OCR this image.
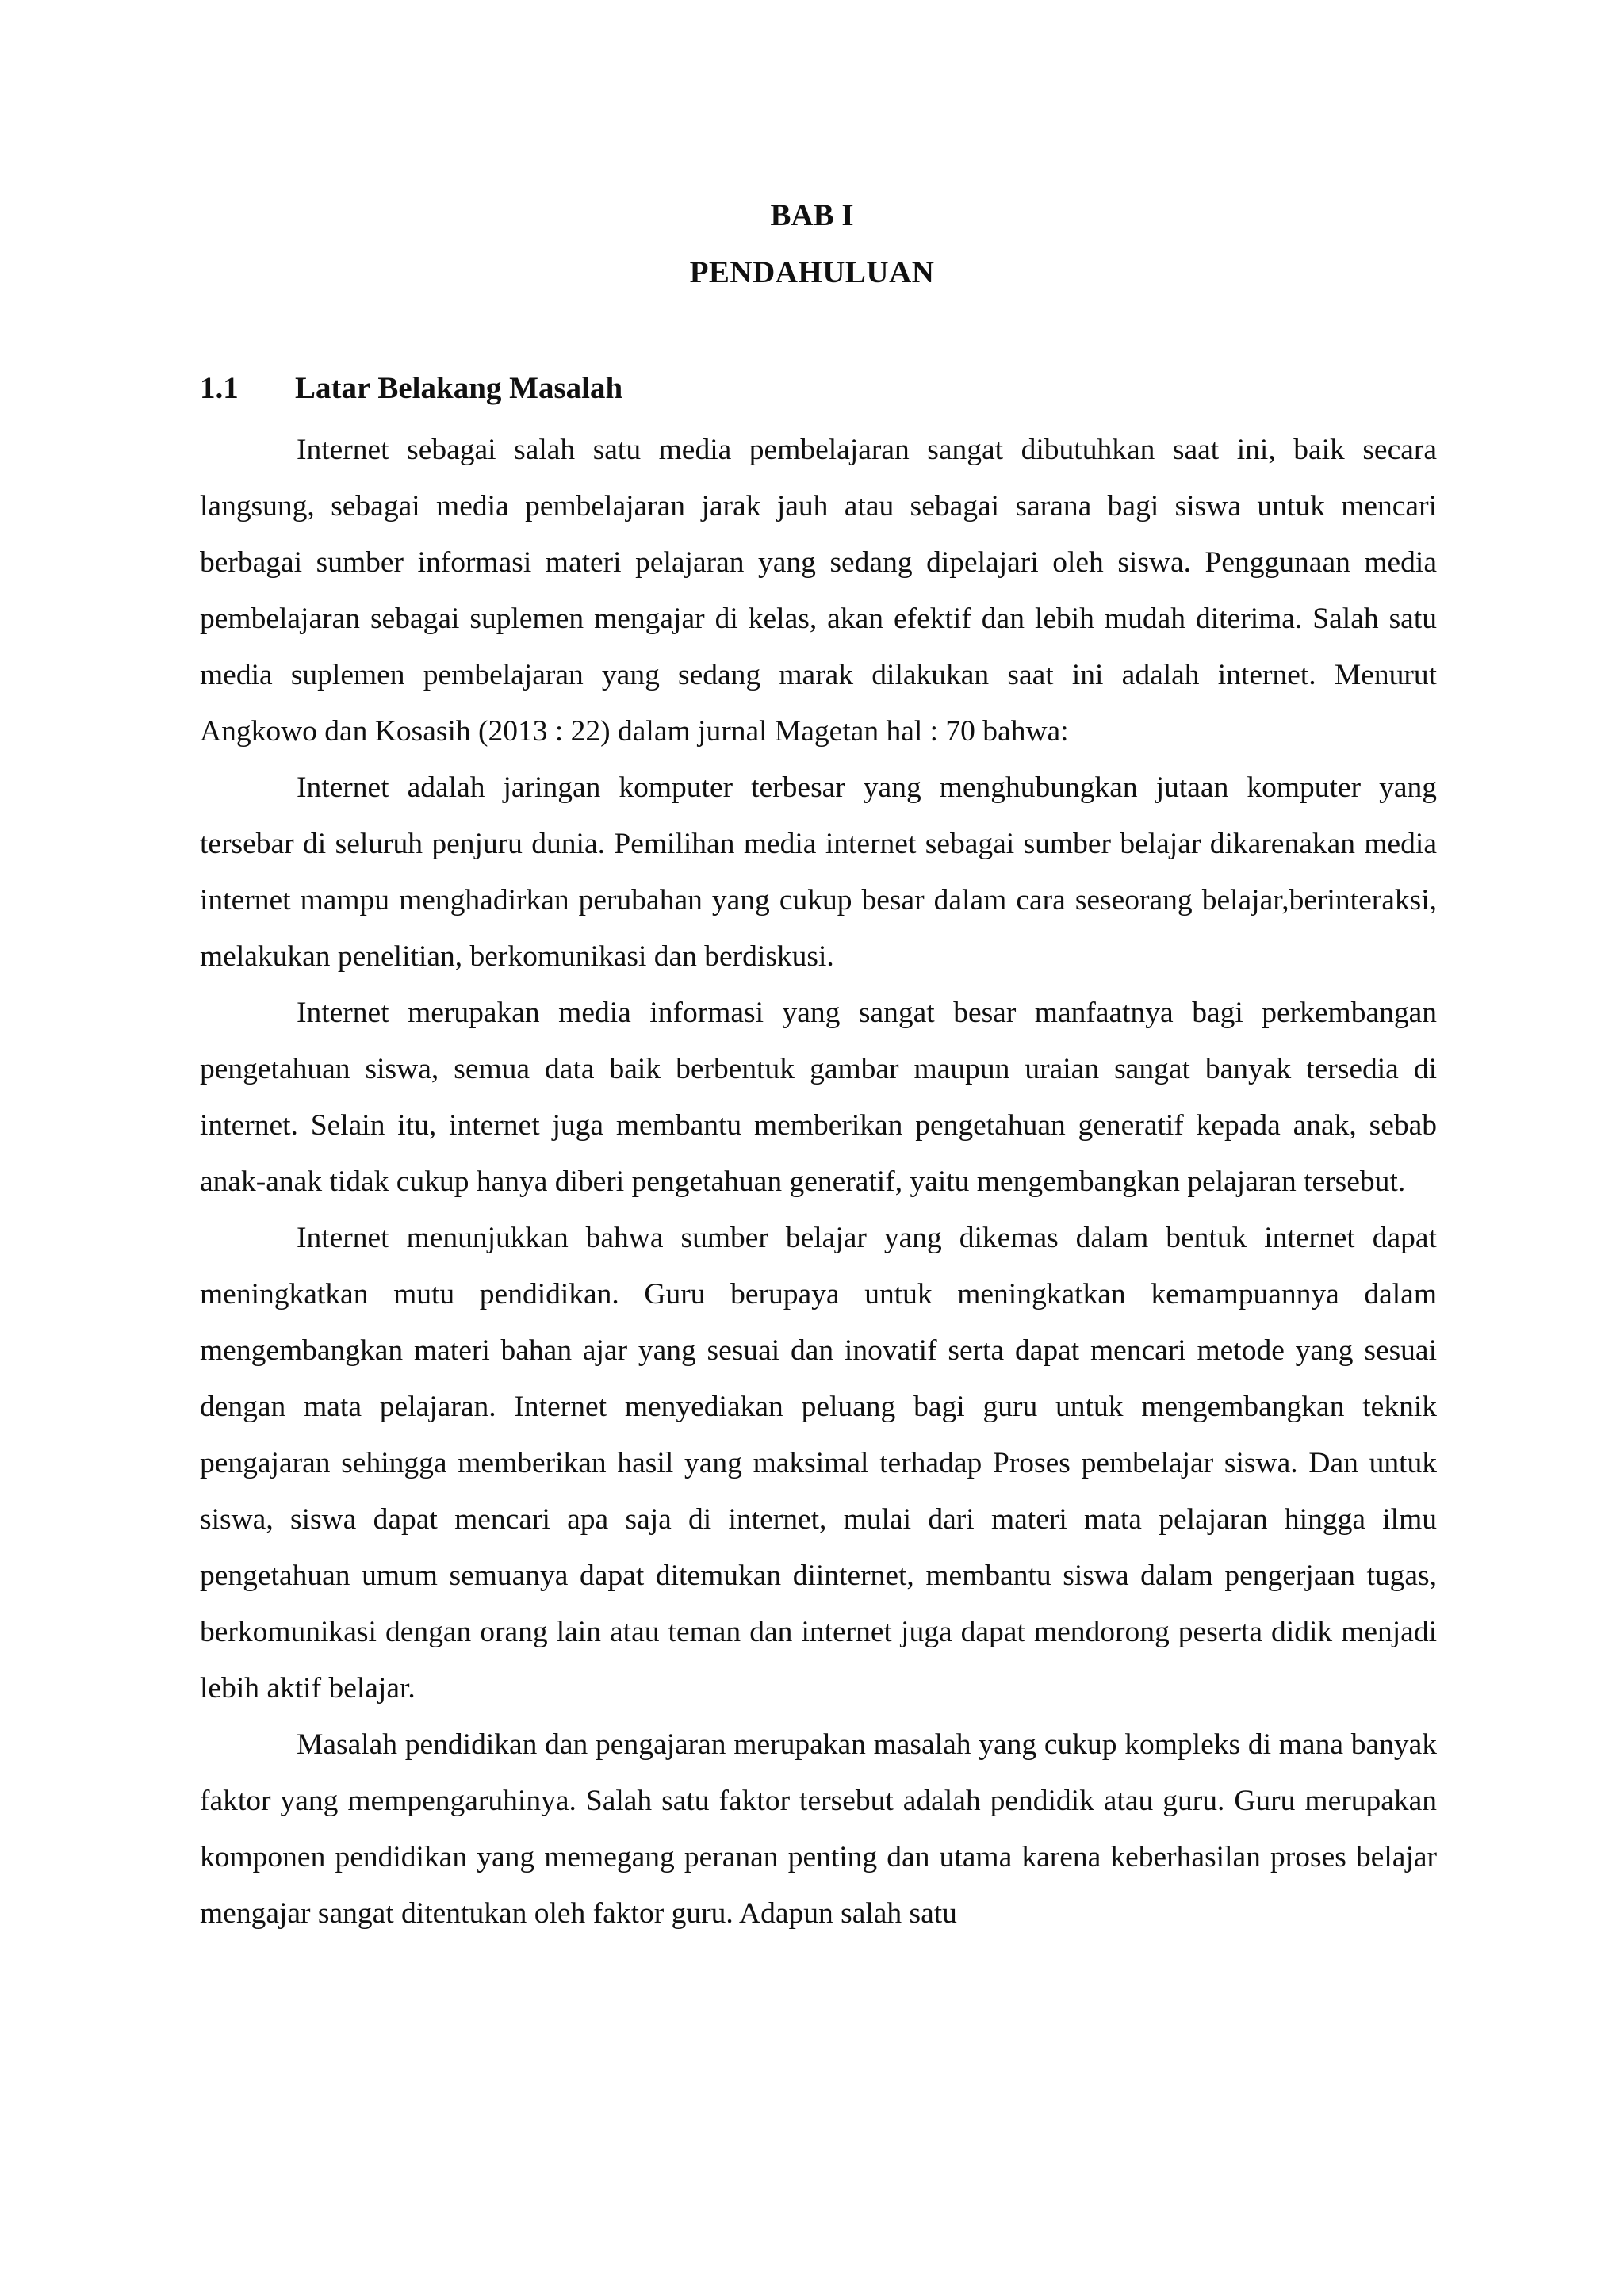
BAB I
PENDAHULUAN
1.1 Latar Belakang Masalah

Internet sebagai salah satu media pembelajaran sangat dibutuhkan saat ini, baik secara langsung, sebagai media pembelajaran jarak jauh atau sebagai sarana bagi siswa untuk mencari berbagai sumber informasi materi pelajaran yang sedang dipelajari oleh siswa. Penggunaan media pembelajaran sebagai suplemen mengajar di kelas, akan efektif dan lebih mudah diterima. Salah satu media suplemen pembelajaran yang sedang marak dilakukan saat ini adalah internet. Menurut Angkowo dan Kosasih (2013 : 22) dalam jurnal Magetan hal : 70 bahwa:

Internet adalah jaringan komputer terbesar yang menghubungkan jutaan komputer yang tersebar di seluruh penjuru dunia. Pemilihan media internet sebagai sumber belajar dikarenakan media internet mampu menghadirkan perubahan yang cukup besar dalam cara seseorang belajar,berinteraksi, melakukan penelitian, berkomunikasi dan berdiskusi.

Internet merupakan media informasi yang sangat besar manfaatnya bagi perkembangan pengetahuan siswa, semua data baik berbentuk gambar maupun uraian sangat banyak tersedia di internet. Selain itu, internet juga membantu memberikan pengetahuan generatif kepada anak, sebab anak-anak tidak cukup hanya diberi pengetahuan generatif, yaitu mengembangkan pelajaran tersebut.

Internet menunjukkan bahwa sumber belajar yang dikemas dalam bentuk internet dapat meningkatkan mutu pendidikan. Guru berupaya untuk meningkatkan kemampuannya dalam mengembangkan materi bahan ajar yang sesuai dan inovatif serta dapat mencari metode yang sesuai dengan mata pelajaran. Internet menyediakan peluang bagi guru untuk mengembangkan teknik pengajaran sehingga memberikan hasil yang maksimal terhadap Proses pembelajar siswa. Dan untuk siswa, siswa dapat mencari apa saja di internet, mulai dari materi mata pelajaran hingga ilmu pengetahuan umum semuanya dapat ditemukan diinternet, membantu siswa dalam pengerjaan tugas, berkomunikasi dengan orang lain atau teman dan internet juga dapat mendorong peserta didik menjadi lebih aktif belajar.

Masalah pendidikan dan pengajaran merupakan masalah yang cukup kompleks di mana banyak faktor yang mempengaruhinya. Salah satu faktor tersebut adalah pendidik atau guru. Guru merupakan komponen pendidikan yang memegang peranan penting dan utama karena keberhasilan proses belajar mengajar sangat ditentukan oleh faktor guru. Adapun salah satu
